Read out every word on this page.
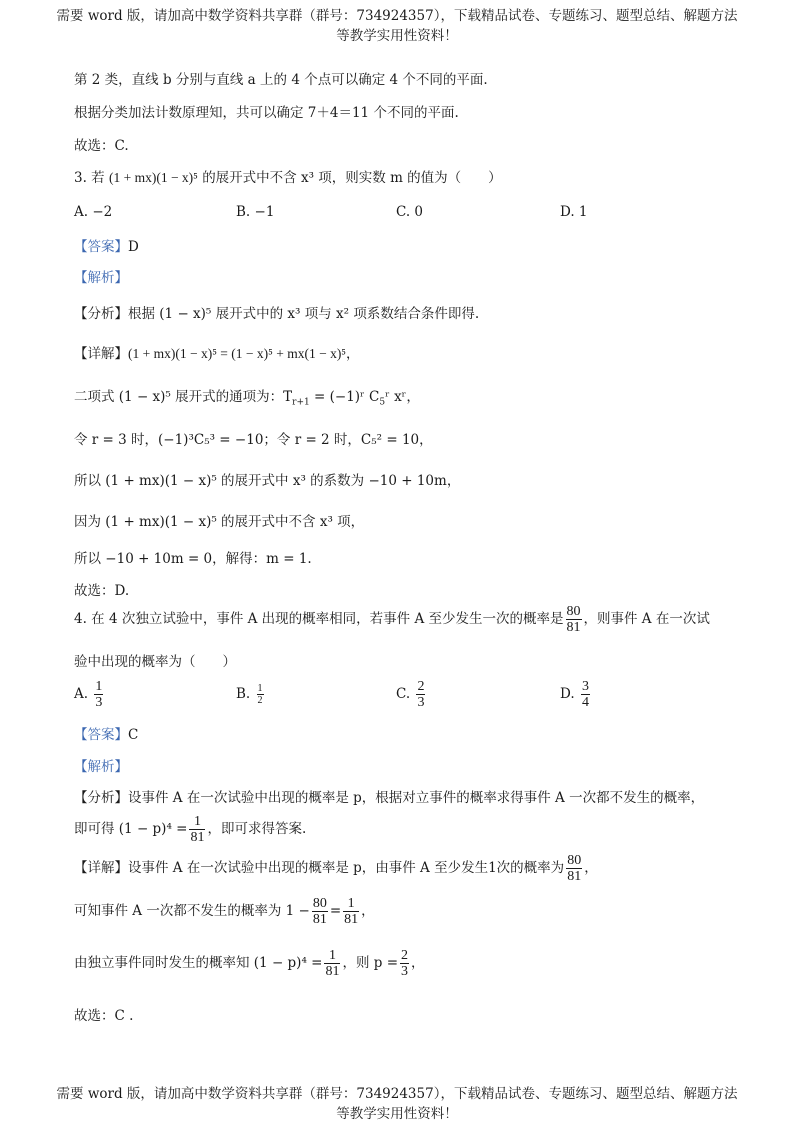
需要 word 版，请加高中数学资料共享群（群号：734924357），下载精品试卷、专题练习、题型总结、解题方法
等教学实用性资料！
第 2 类，直线 b 分别与直线 a 上的 4 个点可以确定 4 个不同的平面.
根据分类加法计数原理知，共可以确定 7＋4＝11 个不同的平面.
故选：C.
3. 若 (1 + mx)(1 − x)⁵ 的展开式中不含 x³ 项，则实数 m 的值为（　　）
A. −2	B. −1	C. 0	D. 1
【答案】D
【解析】
【分析】根据 (1 − x)⁵ 展开式中的 x³ 项与 x² 项系数结合条件即得.
【详解】(1 + mx)(1 − x)⁵ = (1 − x)⁵ + mx(1 − x)⁵，
二项式 (1 − x)⁵ 展开式的通项为：$T_{r+1}$ = (−1)ʳ $C_5ʳ$ xʳ，
令 r = 3 时，(−1)³C₅³ = −10；令 r = 2 时，C₅² = 10，
所以 (1 + mx)(1 − x)⁵ 的展开式中 x³ 的系数为 −10 + 10m，
因为 (1 + mx)(1 − x)⁵ 的展开式中不含 x³ 项，
所以 −10 + 10m = 0，解得：m = 1.
故选：D.
4. 在 4 次独立试验中，事件 A 出现的概率相同，若事件 A 至少发生一次的概率是 $\frac{80}{81}$ ，则事件 A 在一次试
验中出现的概率为（　　）
A. $\frac{1}{3}$	B. $\frac{1}{2}$	C. $\frac{2}{3}$	D. $\frac{3}{4}$
【答案】C
【解析】
【分析】设事件 A 在一次试验中出现的概率是 p，根据对立事件的概率求得事件 A 一次都不发生的概率，
即可得 $(1 - p)^4 = \frac{1}{81}$ ，即可求得答案.
【详解】设事件 A 在一次试验中出现的概率是 p，由事件 A 至少发生1次的概率为 $\frac{80}{81}$ ，
可知事件 A 一次都不发生的概率为 $1 - \frac{80}{81} = \frac{1}{81}$ ，
由独立事件同时发生的概率知 $(1 - p)^4 = \frac{1}{81}$ ，则 $p = \frac{2}{3}$ ，
故选：C .
需要 word 版，请加高中数学资料共享群（群号：734924357），下载精品试卷、专题练习、题型总结、解题方法
等教学实用性资料！
